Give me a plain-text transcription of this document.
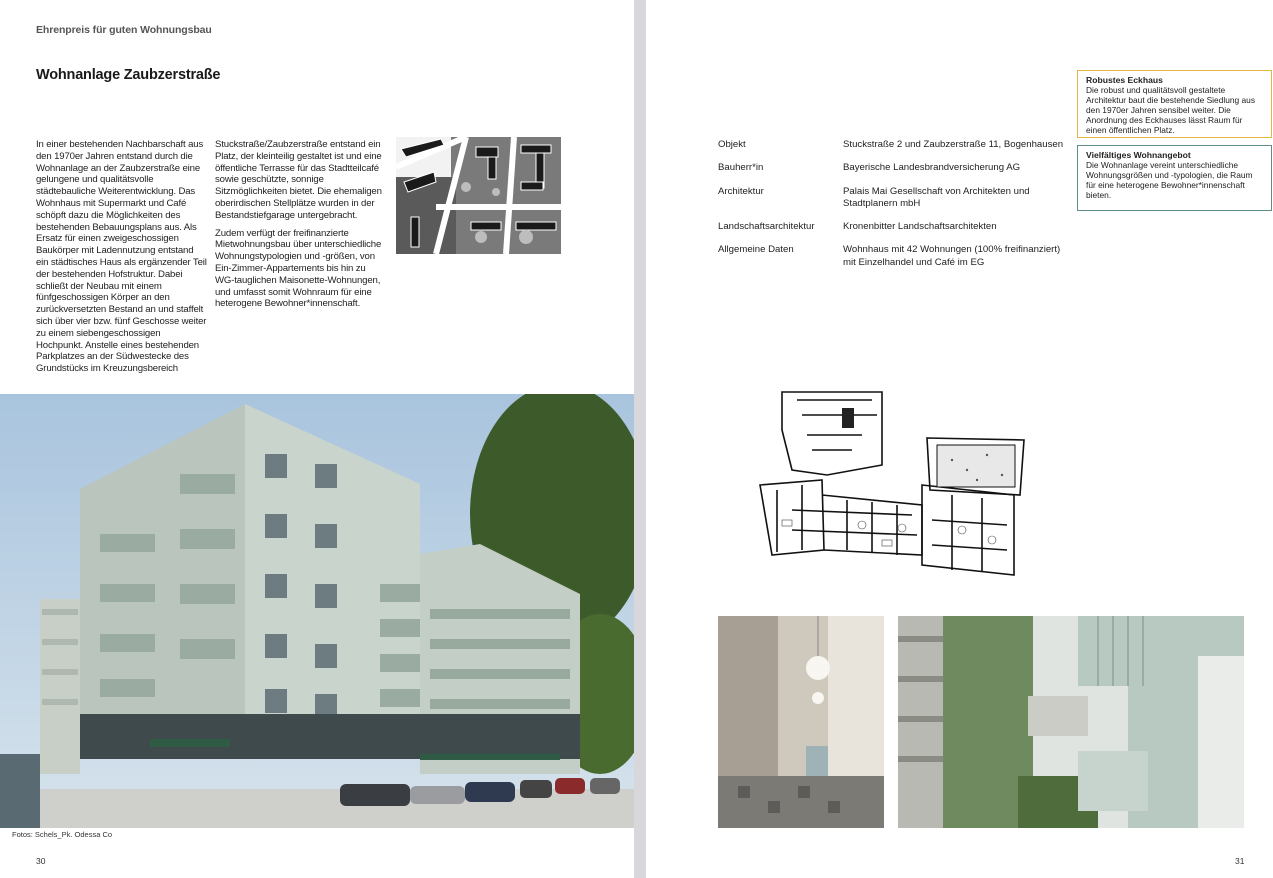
Ehrenpreis für guten Wohnungsbau
Wohnanlage Zaubzerstraße

In einer bestehenden Nachbarschaft aus den 1970er Jahren entstand durch die Wohnanlage an der Zaubzerstraße eine gelungene und qualitätsvolle städtebauliche Weiterentwicklung. Das Wohnhaus mit Supermarkt und Café schöpft dazu die Möglichkeiten des bestehenden Bebauungsplans aus. Als Ersatz für einen zweigeschossigen Baukörper mit Ladennutzung entstand ein städtisches Haus als ergänzender Teil der bestehenden Hofstruktur. Dabei schließt der Neubau mit einem fünfgeschossigen Körper an den zurückversetzten Bestand an und staffelt sich über vier bzw. fünf Geschosse weiter zu einem siebengeschossigen Hochpunkt. Anstelle eines bestehenden Parkplatzes an der Südwestecke des Grundstücks im Kreuzungsbereich

Stuckstraße/Zaubzerstraße entstand ein Platz, der kleinteilig gestaltet ist und eine öffentliche Terrasse für das Stadtteilcafé sowie geschützte, sonnige Sitzmöglichkeiten bietet. Die ehemaligen oberirdischen Stellplätze wurden in der Bestandstiefgarage untergebracht.

Zudem verfügt der freifinanzierte Mietwohnungsbau über unterschiedliche Wohnungstypologien und -größen, von Ein-Zimmer-Appartements bis hin zu WG-tauglichen Maisonette-Wohnungen, und umfasst somit Wohnraum für eine heterogene Bewohner*innenschaft.

Fotos: Schels_Pk. Odessa Co
30
Objekt	Stuckstraße 2 und Zaubzerstraße 11, Bogenhausen
Bauherr*in	Bayerische Landesbrandversicherung AG
Architektur	Palais Mai Gesellschaft von Architekten und Stadtplanern mbH
Landschaftsarchitektur	Kronenbitter Landschaftsarchitekten
Allgemeine Daten	Wohnhaus mit 42 Wohnungen (100% freifinanziert) mit Einzelhandel und Café im EG
Robustes Eckhaus
Die robust und qualitätsvoll gestaltete Architektur baut die bestehende Siedlung aus den 1970er Jahren sensibel weiter. Die Anordnung des Eckhauses lässt Raum für einen öffentlichen Platz.
Vielfältiges Wohnangebot
Die Wohnanlage vereint unterschiedliche Wohnungsgrößen und -typologien, die Raum für eine heterogene Bewohner*innenschaft bieten.
31
